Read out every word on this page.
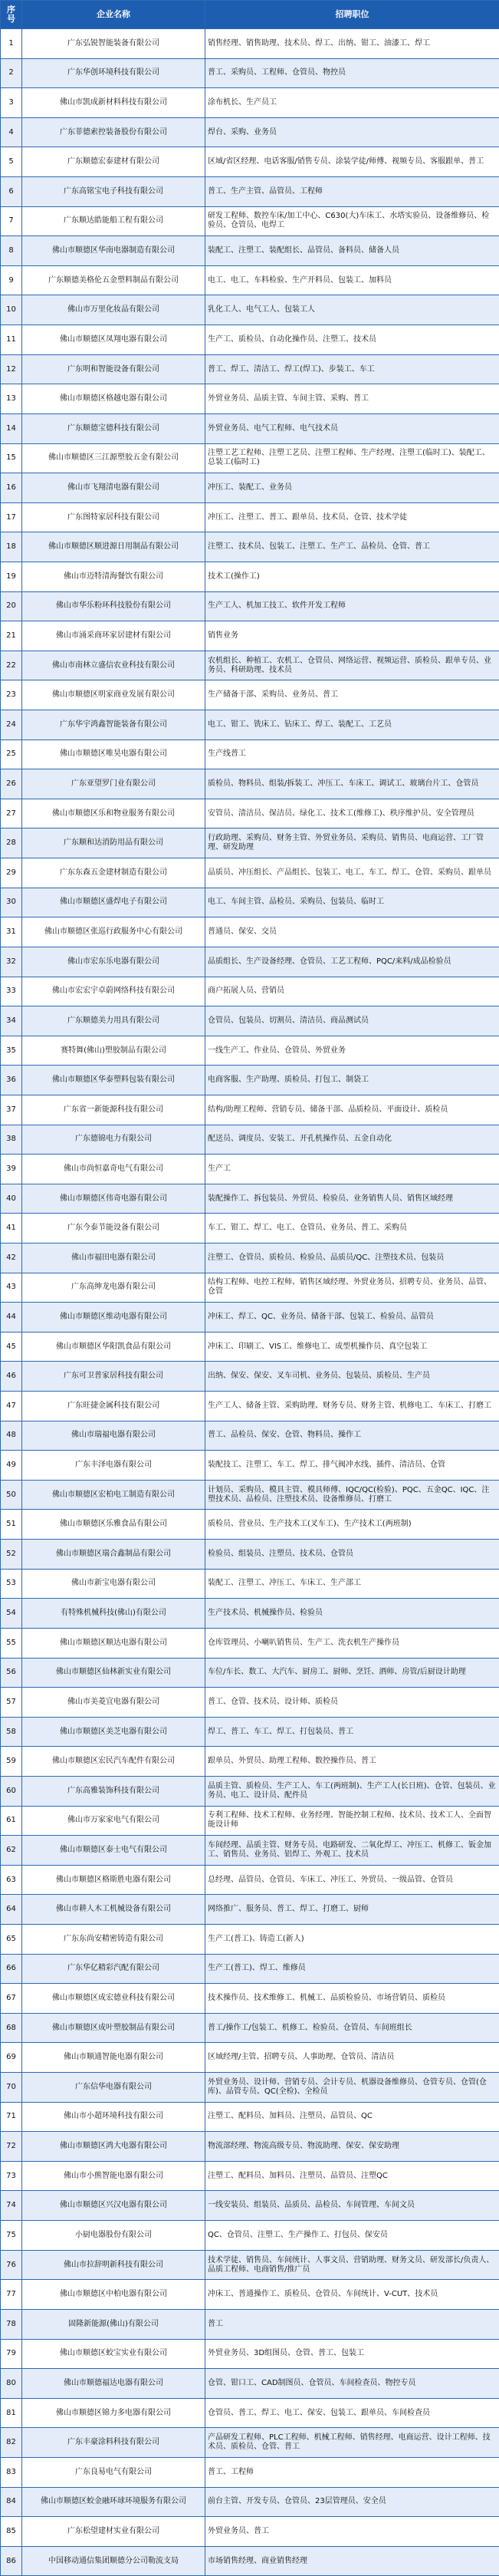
序号	企业名称	招聘职位
1	广东弘锐智能装备有限公司	销售经理、销售助理、技术员、焊工、出纳、钳工、油漆工、焊工
2	广东华创环境科技有限公司	普工、采购员、工程师、仓管员、物控员
3	佛山市凯成新材料科技有限公司	涂布机长、生产员工
4	广东菲德索控装备股份有限公司	焊台、采购、业务员
5	广东顺德宏泰建材有限公司	区域/省区经理、电话客服/销售专员、涂装学徒/师傅、视频专员、客服跟单、普工
6	广东高铭宝电子科技有限公司	普工、生产主管、品管员、工程师
7	广东顺达皓能船工程有限公司	研发工程师、数控车床/加工中心、C630(大)车床工、水塔实验员、设备维修员、检验员、仓管员、电焊工
8	佛山市顺德区华南电器制造有限公司	装配工、注塑工、装配组长、品管员、备料员、储备人员
9	广东顺德美格伦五金塑料制品有限公司	电工、电工、车料检验、生产开料员、包装工、加料员
10	佛山市万里化妆品有限公司	乳化工人、电气工人、包装工人
11	佛山市顺德区凤翔电器有限公司	生产工、质检员、自动化操作员、注塑工、技术员
12	广东明和智能设备有限公司	普工、焊工、清洁工、焊工(焊工)、步装工、车工
13	佛山市顺德区格越电器有限公司	外贸业务员、品质主管、车间主管、采购、普工
14	广东顺德宝德科技有限公司	外贸业务员、电气工程师、电气技术员
15	佛山市顺德区三江源塑胶五金有限公司	注塑工艺工程师、注塑工艺员、注塑工程师、生产经理、注塑工(临时工)、装配工、总装工(临时工)
16	佛山市飞翔清电器有限公司	冲压工、装配工、业务员
17	广东图特家居科技有限公司	冲压工、注塑工、普工、跟单员、技术员、仓管、技术学徒
18	佛山市顺德区顺进源日用制品有限公司	注塑工、技术员、包装工、注塑工、生产工、品检员、仓管、普工
19	佛山市迈特清海餐饮有限公司	技术工(操作工)
20	佛山市华乐粉环科技股份有限公司	生产工人、机加工技工、软件开发工程师
21	佛山市涌采商环家居建材有限公司	销售业务
22	佛山市南林立盛信农业科技有限公司	农机组长、种植工、农机工、仓管员、网络运营、视频运营、质检员、跟单专员、业务员、科研助理、技术员
23	佛山市顺德区明家商业发展有限公司	生产储备干部、采购员、业务员、普工
24	广东华宇鸿鑫智能装备有限公司	电工、钳工、铣床工、钻床工、焊工、装配工、工艺员
25	佛山市顺德区唯昊电器有限公司	生产线普工
26	广东亚望罗门业有限公司	质检员、物料员、组装/拆装工、冲压工、车床工、调试工、玻璃台片工、仓管员
27	佛山市顺德区乐和物业服务有限公司	安管员、清洁员、保洁员、绿化工、技术工(维修工)、秩序维护员、安全管理员
28	广东顺和达消防用品有限公司	行政助理、采购员、财务主管、外贸业务员、采购员、销售员、电商运营、工厂管理、研发助理
29	广东东森五金建材制造有限公司	品质员、冲压组长、产品组长、包装工、电工、车工、焊工、仓管、采购员、跟单员
30	佛山市顺德区盛焊电子有限公司	电工、车间主管、品检员、采购员、包装员、临时工
31	佛山市顺德区张巡行政服务中心有限公司	普通员、保安、交员
32	佛山市宏东乐电器有限公司	品质组长、生产设备经理、仓管员、工艺工程师、PQC/来料/成品检验员
33	佛山市宏宏宇卓蔚网络科技有限公司	商户拓展人员、营销员
34	广东顺德美力用具有限公司	仓管员、包装员、切割员、清洁员、商品测试员
35	赛特舞(佛山)塑胶制品有限公司	一线生产工、作业员、仓管员、外贸业务
36	佛山市顺德区华泰塑料包装有限公司	电商客服、生产助理、质检员、打包工、制袋工
37	广东省一新能源科技有限公司	结构/助理工程师、营销专员、储备干部、品质检员、平面设计、质检员
38	广东德锦电力有限公司	配送员、调度员、安装工、开孔机操作员、五金自动化
39	佛山市尚恒嘉奇电气有限公司	生产工
40	佛山市顺德区伟奇电器有限公司	装配操作工、拆包装员、外贸员、检验员、业务销售人员、销售区域经理
41	广东今泰节能设备有限公司	车工、钳工、焊工、电工、仓管员、业务员、普工、采购员
42	佛山市福田电器有限公司	注塑工、仓管员、质检员、检验员、品质员/QC、注塑技术员、包装员
43	广东高绅龙电器有限公司	结构工程师、电控工程师、销售区域经理、外贸业务员、招聘专员、业务员、品管、仓管
44	佛山市顺德区维动电器有限公司	冲床工、焊工、QC、业务员、储备干部、包装工、检验员、品管员
45	佛山市顺德区华阳凯食品有限公司	冲床工、印刷工、VIS工、维修电工、成型机操作员、真空包装工
46	广东可卫普家居科技有限公司	出纳、保安、保安、叉车司机、业务员、包装员、质检员、生产员
47	广东旺捷金属科技有限公司	生产工人、储备主管、采购助理、财务专员、财务主管、机修电工、车床工、打磨工
48	佛山市瑞福电器有限公司	普工、品检员、保安、仓管、物料员、操作工
49	广东丰泽电器有限公司	装配技工、注塑工、车工、焊工、排气阀冲水线、插件、清洁员、仓管
50	佛山市顺德区宏柏电工制造有限公司	计划员、采购员、模具主管、模具师傅、IQC/QC(检验)、PQC、五金QC、IQC、注塑技术员、品检员、注塑技术员、设备维修员、打磨工
51	佛山市顺德区乐雅食品有限公司	质检员、营业员、生产技术工(叉车工)、生产技术工(两班制)
52	佛山市顺德区瑞合鑫制品有限公司	检验员、组装员、注塑员、技术员、仓管员
53	佛山市新宝电器有限公司	装配工、注塑工、冲压工、车床工、生产部工
54	有特殊机械科技(佛山)有限公司	生产技术员、机械操作员、检验员
55	佛山市顺德区顺达电器有限公司	仓库管理员、小喇叭销售员、生产工、洗衣机生产操作员
56	佛山市顺德区仙林新实业有限公司	车位/车长、数工、大汽车、厨房工、厨师、烹饪、酒师、房管/后厨设计助理
57	佛山市美菱宜电器有限公司	普工、仓管、技术员、设计师、质检员
58	佛山市顺德区美芝电器有限公司	焊工、普工、车工、焊工、打包装员、普工
59	佛山市顺德区宏民汽车配件有限公司	跟单员、外贸员、助理工程师、数控操作员、普工
60	广东高雅装饰科技有限公司	品质主管、质检员、生产工人、车工(两班制)、生产工人(长日班)、仓管、包装员、业务员、电工、设计员、配件员
61	佛山市万家家电气有限公司	专利工程师、技术工程师、业务经理、智能控制工程师、技术员、技术工人、全面智能设计师
62	佛山市顺德区泰士电气有限公司	车间经理、品质主管、财务专员、电路研发、二氧化焊工、冲压工、机修工、钣金加工、销售员、业务员、铝焊工、外观工、技术员
63	佛山市顺德区格斯胜电器有限公司	总经理、品管员、仓管员、车床工、冲压工、外贸员、一级品管、仓管员
64	佛山市耕人木工机械设备有限公司	网络推广、服务员、普工、焊工、打磨工、厨师
65	广东东尚安精密铸造有限公司	生产工(普工)、铸造工(新人)
66	广东华亿精彩汽配有限公司	生产工(普工)、焊工、维修员
67	佛山市顺德区成宏德业科技有限公司	技术操作员、技术维修工、机械工、品质检验员、市场营销员、质检员
68	佛山市顺德区成叶塑胶制品有限公司	普工/操作工/包装工、机修工、检验员、仓管员、车间班组长
69	佛山市顺通智能电器有限公司	区域经理/主管、招聘专员、人事助理、仓管员、清洁员
70	广东信华电器有限公司	外贸业务员、设计师、营销专员、会计专员、机器设备维修员、仓管专员、仓管(仓库)、品管专员、QC(全检)、全检员
71	佛山市小超环境科技有限公司	注塑工、配料员、加料员、注塑员、品管员、QC
72	佛山市顺德区鸿大电器有限公司	物流部经理、物流高级专员、物流助理、保安、保安助理
73	佛山市小熊智能电器有限公司	注塑工、配料员、加料员、注塑员、品管员、注塑QC
74	佛山市顺德区兴汉电器有限公司	一线安装员、组装员、品质员、品检员、车间管理、车间文员
75	小厨电器股份有限公司	QC、仓管员、注塑工、生产操作工、打包员、保安员
76	佛山市拉辞明新科技有限公司	技术学徒、销售员、车间统计、人事文员、营销助理、财务文员、研发部长/负责人、品质工程师、电商销售/推广员
77	佛山市顺德区中柏电器有限公司	冲床工、普通操作工、质检员、仓管员、车间统计、V-CUT、技术员
78	固隆新能源(佛山)有限公司	普工
79	佛山市顺德区蛟宝实业有限公司	外贸业务员、3D组图员、仓管、普工、包装工
80	佛山市顺德福达电器有限公司	仓管、钳口工、CAD制图员、仓管员、车间检查员、物控专员
81	佛山市顺德区锦力多电器有限公司	仓管员、普工、焊工、电工、保安、包装工、跟单员、车间检查员
82	广东丰豪涂料科技有限公司	产品研发工程师、PLC工程师、机械工程师、销售经理、电商运营、设计工程师、技术员、质检员、仓管、普工
83	广东良易电气有限公司	普工、工程师
84	佛山市顺德区蛟金融环球环境服务有限公司	前台主管、开发专员、仓管员、23层管理员、安全员
85	广东松望建材实业有限公司	外贸业务员、普工
86	中国移动通信集团顺德分公司勒流支局	市场销售经理、商业销售经理
